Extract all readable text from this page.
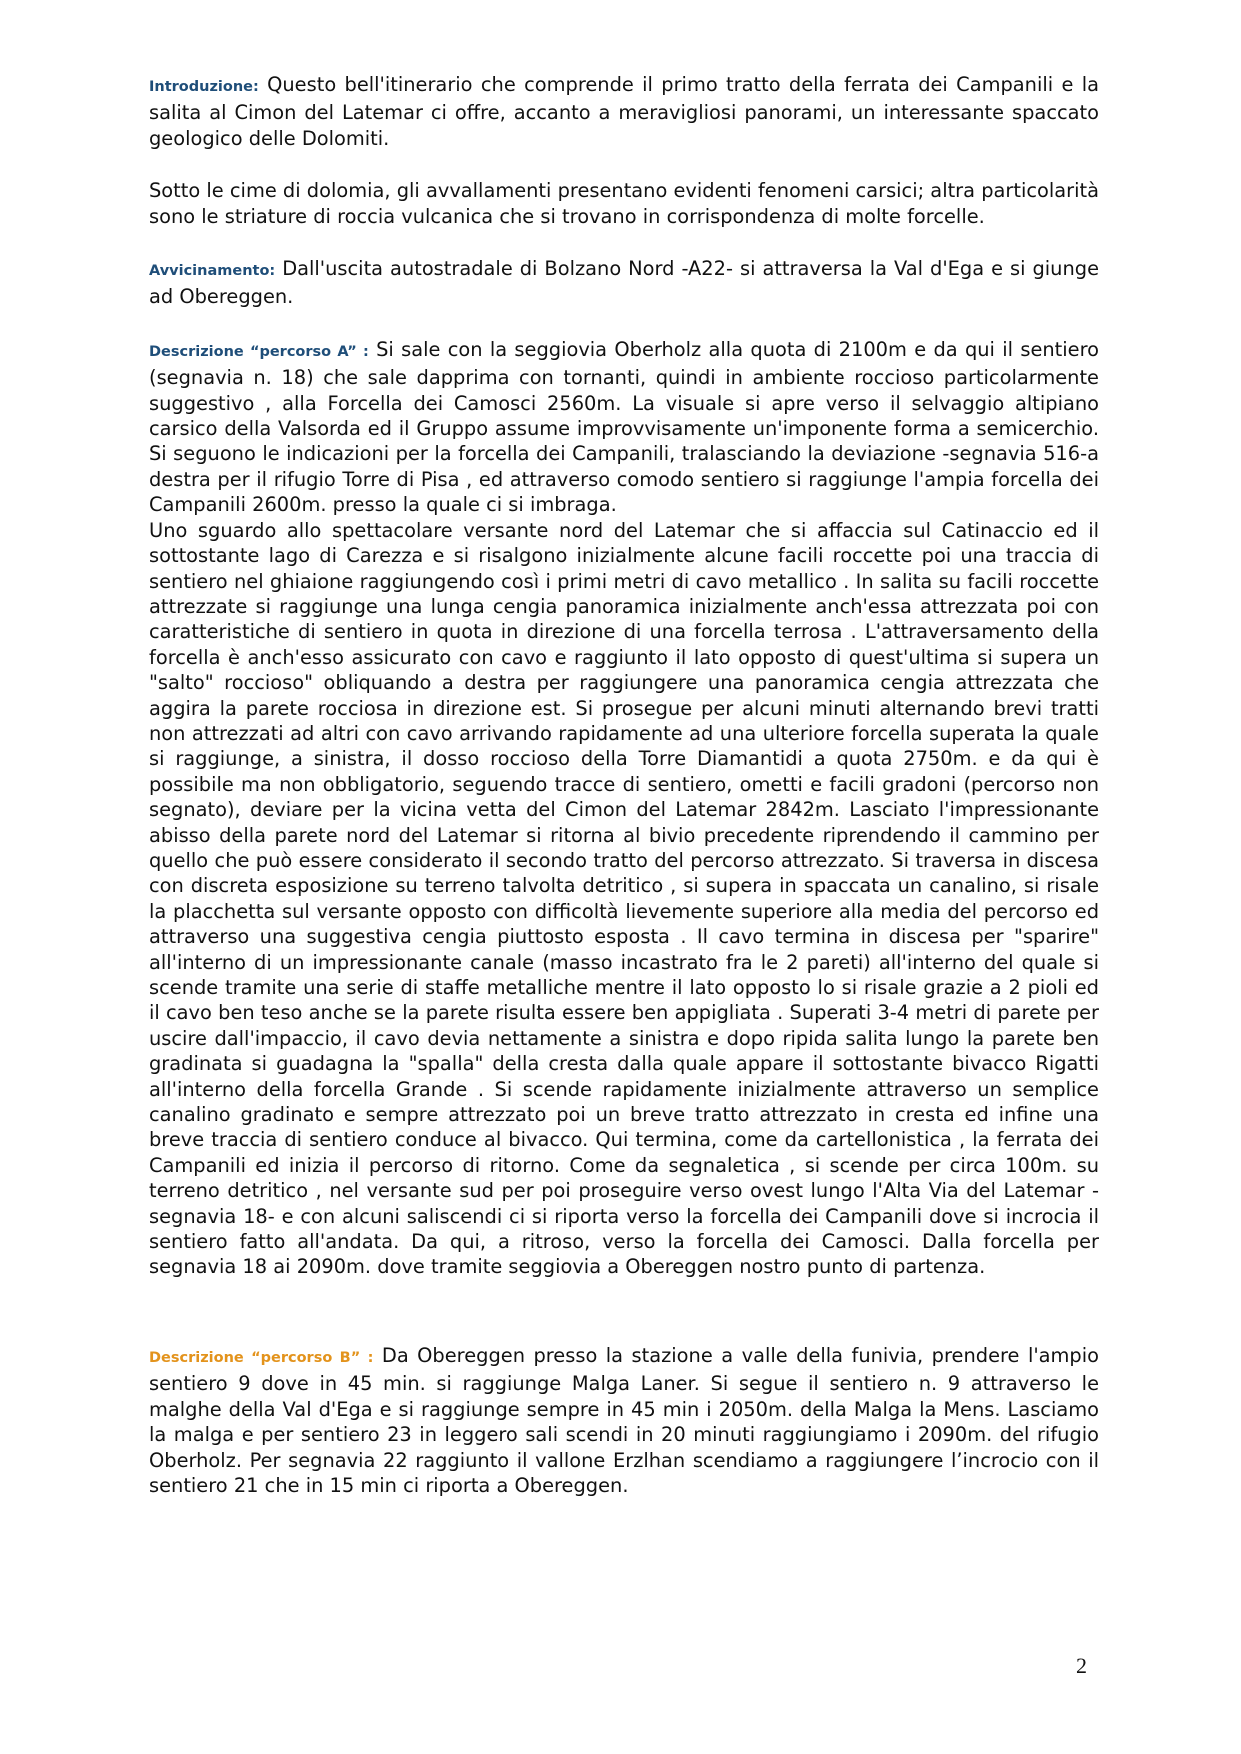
Introduzione: Questo bell'itinerario che comprende il primo tratto della ferrata dei Campanili e la salita al Cimon del Latemar ci offre, accanto a meravigliosi panorami, un interessante spaccato geologico delle Dolomiti.

Sotto le cime di dolomia, gli avvallamenti presentano evidenti fenomeni carsici; altra particolarità sono le striature di roccia vulcanica che si trovano in corrispondenza di molte forcelle.

Avvicinamento: Dall'uscita autostradale di Bolzano Nord -A22- si attraversa la Val d'Ega e si giunge ad Obereggen.

Descrizione “percorso A” : Si sale con la seggiovia Oberholz alla quota di 2100m e da qui il sentiero (segnavia n. 18) che sale dapprima con tornanti, quindi in ambiente roccioso particolarmente suggestivo , alla Forcella dei Camosci 2560m. La visuale si apre verso il selvaggio altipiano carsico della Valsorda ed il Gruppo assume improvvisamente un'imponente forma a semicerchio. Si seguono le indicazioni per la forcella dei Campanili, tralasciando la deviazione -segnavia 516-a destra per il rifugio Torre di Pisa , ed attraverso comodo sentiero si raggiunge l'ampia forcella dei Campanili 2600m. presso la quale ci si imbraga.

Uno sguardo allo spettacolare versante nord del Latemar che si affaccia sul Catinaccio ed il sottostante lago di Carezza e si risalgono inizialmente alcune facili roccette poi una traccia di sentiero nel ghiaione raggiungendo così i primi metri di cavo metallico . In salita su facili roccette attrezzate si raggiunge una lunga cengia panoramica inizialmente anch'essa attrezzata poi con caratteristiche di sentiero in quota in direzione di una forcella terrosa . L'attraversamento della forcella è anch'esso assicurato con cavo e raggiunto il lato opposto di quest'ultima si supera un "salto" roccioso" obliquando a destra per raggiungere una panoramica cengia attrezzata che aggira la parete rocciosa in direzione est. Si prosegue per alcuni minuti alternando brevi tratti non attrezzati ad altri con cavo arrivando rapidamente ad una ulteriore forcella superata la quale si raggiunge, a sinistra, il dosso roccioso della Torre Diamantidi a quota 2750m. e da qui è possibile ma non obbligatorio, seguendo tracce di sentiero, ometti e facili gradoni (percorso non segnato), deviare per la vicina vetta del Cimon del Latemar 2842m. Lasciato l'impressionante abisso della parete nord del Latemar si ritorna al bivio precedente riprendendo il cammino per quello che può essere considerato il secondo tratto del percorso attrezzato. Si traversa in discesa con discreta esposizione su terreno talvolta detritico , si supera in spaccata un canalino, si risale la placchetta sul versante opposto con difficoltà lievemente superiore alla media del percorso ed attraverso una suggestiva cengia piuttosto esposta . Il cavo termina in discesa per "sparire" all'interno di un impressionante canale (masso incastrato fra le 2 pareti) all'interno del quale si scende tramite una serie di staffe metalliche mentre il lato opposto lo si risale grazie a 2 pioli ed il cavo ben teso anche se la parete risulta essere ben appigliata . Superati 3-4 metri di parete per uscire dall'impaccio, il cavo devia nettamente a sinistra e dopo ripida salita lungo la parete ben gradinata si guadagna la "spalla" della cresta dalla quale appare il sottostante bivacco Rigatti all'interno della forcella Grande . Si scende rapidamente inizialmente attraverso un semplice canalino gradinato e sempre attrezzato poi un breve tratto attrezzato in cresta ed infine una breve traccia di sentiero conduce al bivacco. Qui termina, come da cartellonistica , la ferrata dei Campanili ed inizia il percorso di ritorno. Come da segnaletica , si scende per circa 100m. su terreno detritico , nel versante sud per poi proseguire verso ovest lungo l'Alta Via del Latemar -segnavia 18- e con alcuni saliscendi ci si riporta verso la forcella dei Campanili dove si incrocia il sentiero fatto all'andata. Da qui, a ritroso, verso la forcella dei Camosci. Dalla forcella per segnavia 18 ai 2090m. dove tramite seggiovia a Obereggen nostro punto di partenza.

Descrizione “percorso B” : Da Obereggen presso la stazione a valle della funivia, prendere l'ampio sentiero 9 dove in 45 min. si raggiunge Malga Laner. Si segue il sentiero n. 9 attraverso le malghe della Val d'Ega e si raggiunge sempre in 45 min i 2050m. della Malga la Mens. Lasciamo la malga e per sentiero 23 in leggero sali scendi in 20 minuti raggiungiamo i 2090m. del rifugio Oberholz. Per segnavia 22 raggiunto il vallone Erzlhan scendiamo a raggiungere l’incrocio con il sentiero 21 che in 15 min ci riporta a Obereggen.

2
